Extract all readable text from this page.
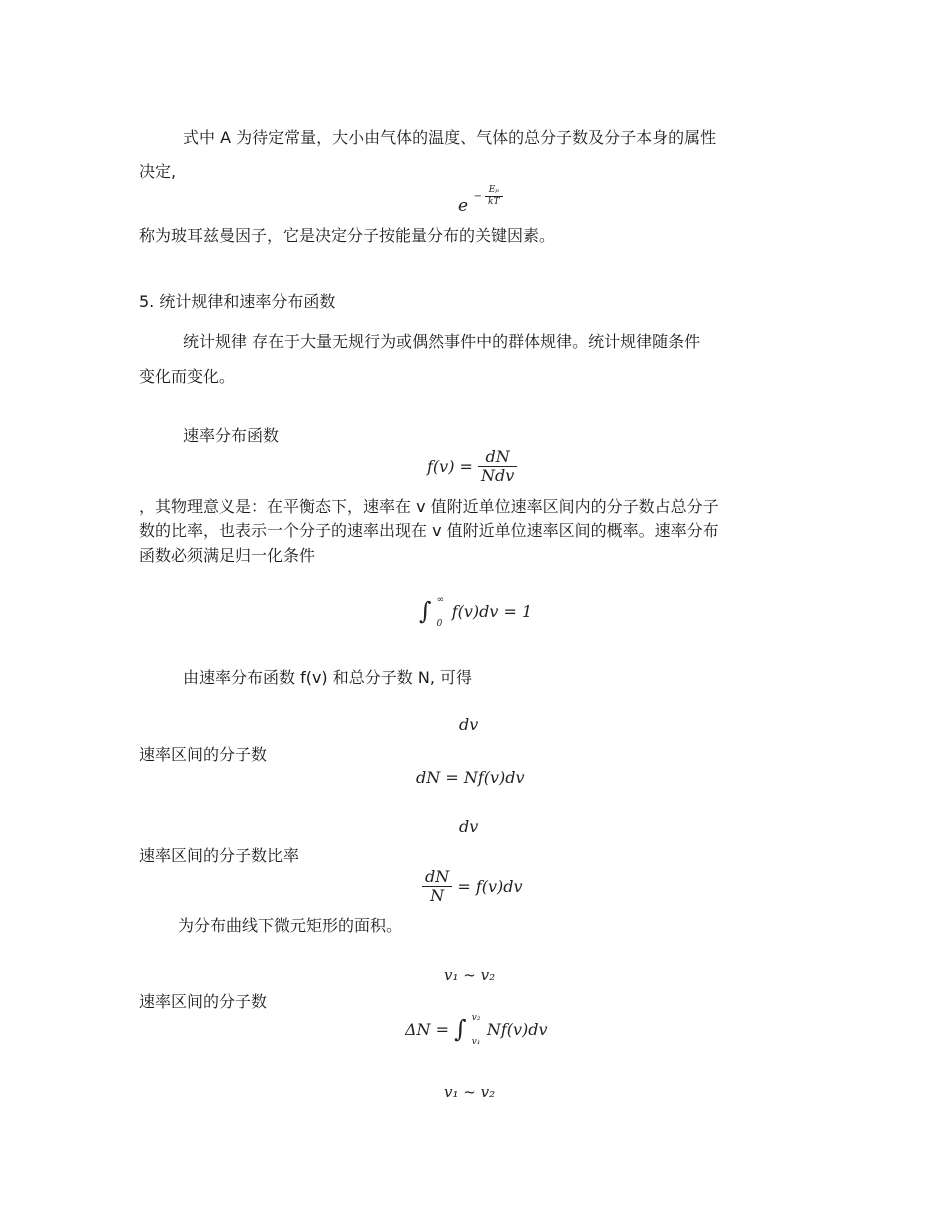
式中 A 为待定常量，大小由气体的温度、气体的总分子数及分子本身的属性
决定,
$e - \frac{\text{Eₚ}}{kT}$
称为玻耳兹曼因子，它是决定分子按能量分布的关键因素。
5. 统计规律和速率分布函数
统计规律 存在于大量无规行为或偶然事件中的群体规律。统计规律随条件
变化而变化。
速率分布函数
$f(v) = \frac{dN}{\text{Ndv}}$
，其物理意义是：在平衡态下，速率在 v 值附近单位速率区间内的分子数占总分子
数的比率，也表示一个分子的速率出现在 v 值附近单位速率区间的概率。速率分布
函数必须满足归一化条件
∫ ∞
0
f(v)dv = 1
由速率分布函数 f(v) 和总分子数 N, 可得
dv
速率区间的分子数
dN = Nf(v)dv
dv
速率区间的分子数比率
$\frac{dN}{N} = f(v)dv$
为分布曲线下微元矩形的面积。
v₁ ~ v₂
速率区间的分子数
ΔN = ∫ v₂
v₁
Nf(v)dv
v₁ ~ v₂
